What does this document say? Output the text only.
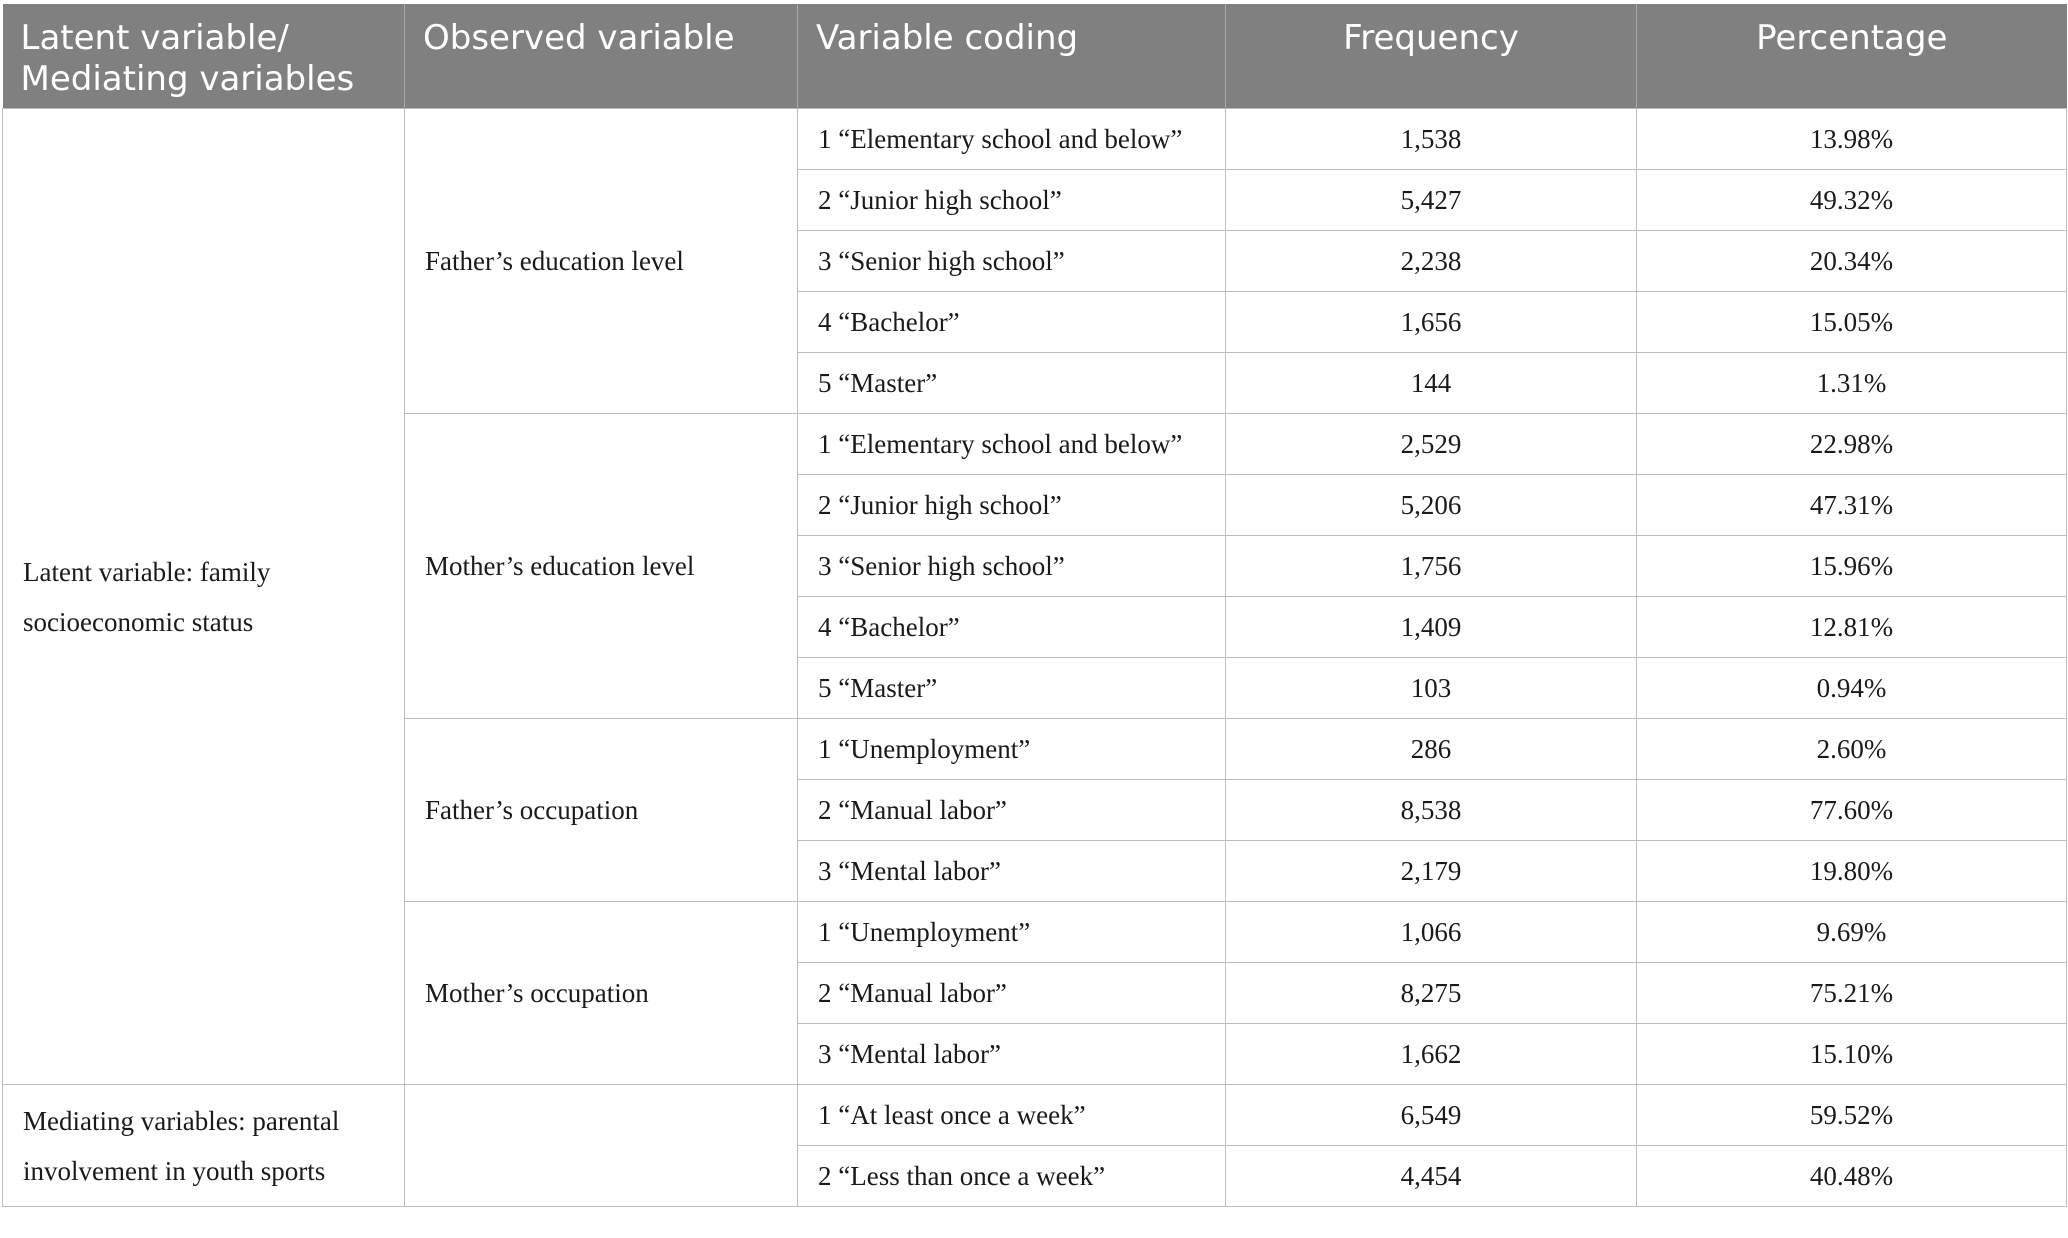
Latent variable/ Mediating variables	Observed variable	Variable coding	Frequency	Percentage
Latent variable: family socioeconomic status	Father’s education level	1 “Elementary school and below”	1,538	13.98%
		2 “Junior high school”	5,427	49.32%
		3 “Senior high school”	2,238	20.34%
		4 “Bachelor”	1,656	15.05%
		5 “Master”	144	1.31%
	Mother’s education level	1 “Elementary school and below”	2,529	22.98%
		2 “Junior high school”	5,206	47.31%
		3 “Senior high school”	1,756	15.96%
		4 “Bachelor”	1,409	12.81%
		5 “Master”	103	0.94%
	Father’s occupation	1 “Unemployment”	286	2.60%
		2 “Manual labor”	8,538	77.60%
		3 “Mental labor”	2,179	19.80%
	Mother’s occupation	1 “Unemployment”	1,066	9.69%
		2 “Manual labor”	8,275	75.21%
		3 “Mental labor”	1,662	15.10%
Mediating variables: parental involvement in youth sports		1 “At least once a week”	6,549	59.52%
		2 “Less than once a week”	4,454	40.48%
